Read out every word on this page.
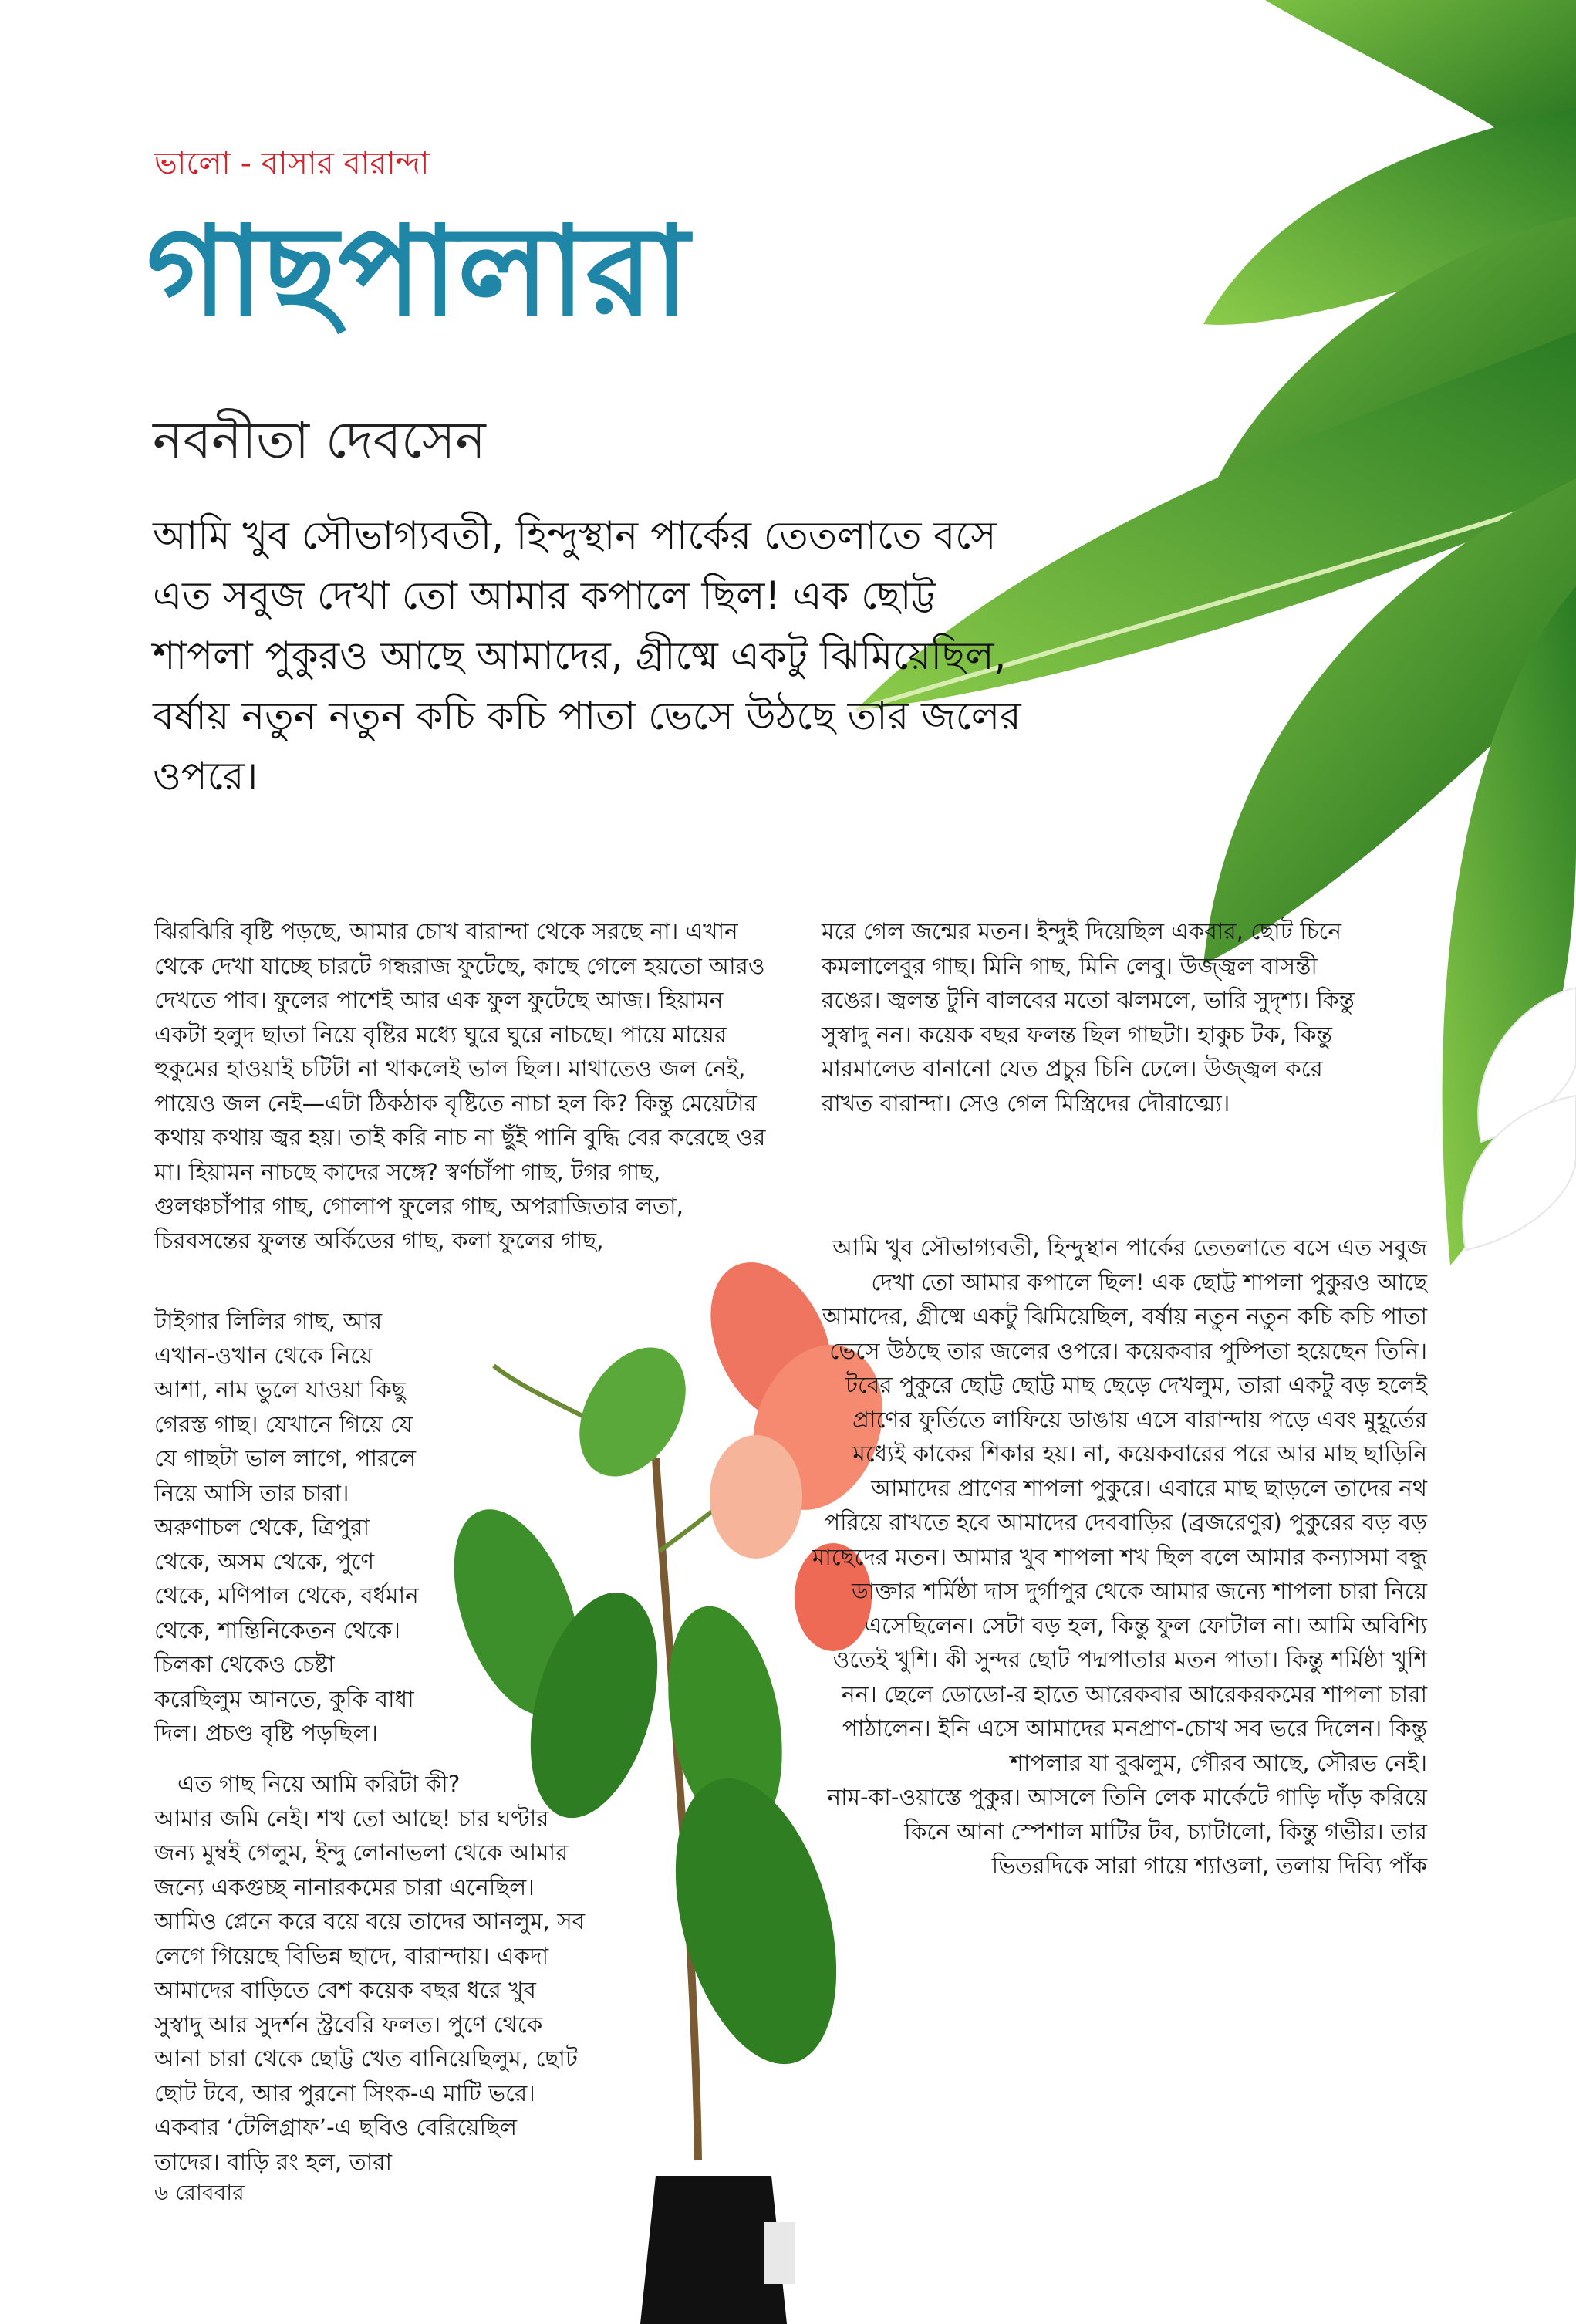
ভালো - বাসার বারান্দা
গাছপালারা
নবনীতা দেবসেন
আমি খুব সৌভাগ্যবতী, হিন্দুস্থান পার্কের তেতলাতে বসে এত সবুজ দেখা তো আমার কপালে ছিল! এক ছোট্ট শাপলা পুকুরও আছে আমাদের, গ্রীষ্মে একটু ঝিমিয়েছিল, বর্ষায় নতুন নতুন কচি কচি পাতা ভেসে উঠছে তার জলের ওপরে।

ঝিরঝিরি বৃষ্টি পড়ছে, আমার চোখ বারান্দা থেকে সরছে না। এখান থেকে দেখা যাচ্ছে চারটে গন্ধরাজ ফুটেছে, কাছে গেলে হয়তো আরও দেখতে পাব। ফুলের পাশেই আর এক ফুল ফুটেছে আজ। হিয়ামন একটা হলুদ ছাতা নিয়ে বৃষ্টির মধ্যে ঘুরে ঘুরে নাচছে। পায়ে মায়ের হুকুমের হাওয়াই চটিটা না থাকলেই ভাল ছিল। মাথাতেও জল নেই, পায়েও জল নেই—এটা ঠিকঠাক বৃষ্টিতে নাচা হল কি? কিন্তু মেয়েটার কথায় কথায় জ্বর হয়। তাই করি নাচ না ছুঁই পানি বুদ্ধি বের করেছে ওর মা। হিয়ামন নাচছে কাদের সঙ্গে? স্বর্ণচাঁপা গাছ, টগর গাছ, গুলঞ্চচাঁপার গাছ, গোলাপ ফুলের গাছ, অপরাজিতার লতা, চিরবসন্তের ফুলন্ত অর্কিডের গাছ, কলা ফুলের গাছ,

টাইগার লিলির গাছ, আর এখান-ওখান থেকে নিয়ে আশা, নাম ভুলে যাওয়া কিছু গেরস্ত গাছ। যেখানে গিয়ে যে যে গাছটা ভাল লাগে, পারলে নিয়ে আসি তার চারা। অরুণাচল থেকে, ত্রিপুরা থেকে, অসম থেকে, পুণে থেকে, মণিপাল থেকে, বর্ধমান থেকে, শান্তিনিকেতন থেকে। চিলকা থেকেও চেষ্টা করেছিলুম আনতে, কুকি বাধা দিল। প্রচণ্ড বৃষ্টি পড়ছিল।

এত গাছ নিয়ে আমি করিটা কী?

আমার জমি নেই। শখ তো আছে! চার ঘণ্টার জন্য মুম্বই গেলুম, ইন্দু লোনাভলা থেকে আমার জন্যে একগুচ্ছ নানারকমের চারা এনেছিল। আমিও প্লেনে করে বয়ে বয়ে তাদের আনলুম, সব লেগে গিয়েছে বিভিন্ন ছাদে, বারান্দায়। একদা আমাদের বাড়িতে বেশ কয়েক বছর ধরে খুব সুস্বাদু আর সুদর্শন স্ট্রবেরি ফলত। পুণে থেকে আনা চারা থেকে ছোট্ট খেত বানিয়েছিলুম, ছোট ছোট টবে, আর পুরনো সিংক-এ মাটি ভরে। একবার ‘টেলিগ্রাফ’-এ ছবিও বেরিয়েছিল তাদের। বাড়ি রং হল, তারা

মরে গেল জন্মের মতন। ইন্দুই দিয়েছিল একবার, ছোট চিনে কমলালেবুর গাছ। মিনি গাছ, মিনি লেবু। উজ্জ্বল বাসন্তী রঙের। জ্বলন্ত টুনি বালবের মতো ঝলমলে, ভারি সুদৃশ্য। কিন্তু সুস্বাদু নন। কয়েক বছর ফলন্ত ছিল গাছটা। হাকুচ টক, কিন্তু মারমালেড বানানো যেত প্রচুর চিনি ঢেলে। উজ্জ্বল করে রাখত বারান্দা। সেও গেল মিস্ত্রিদের দৌরাত্ম্যে।

আমি খুব সৌভাগ্যবতী, হিন্দুস্থান পার্কের তেতলাতে বসে এত সবুজ দেখা তো আমার কপালে ছিল! এক ছোট্ট শাপলা পুকুরও আছে আমাদের, গ্রীষ্মে একটু ঝিমিয়েছিল, বর্ষায় নতুন নতুন কচি কচি পাতা ভেসে উঠছে তার জলের ওপরে। কয়েকবার পুষ্পিতা হয়েছেন তিনি। টবের পুকুরে ছোট্ট ছোট্ট মাছ ছেড়ে দেখলুম, তারা একটু বড় হলেই প্রাণের ফুর্তিতে লাফিয়ে ডাঙায় এসে বারান্দায় পড়ে এবং মুহূর্তের মধ্যেই কাকের শিকার হয়। না, কয়েকবারের পরে আর মাছ ছাড়িনি আমাদের প্রাণের শাপলা পুকুরে। এবারে মাছ ছাড়লে তাদের নথ পরিয়ে রাখতে হবে আমাদের দেববাড়ির (ব্রজরেণুর) পুকুরের বড় বড় মাছেদের মতন। আমার খুব শাপলা শখ ছিল বলে আমার কন্যাসমা বন্ধু ডাক্তার শর্মিষ্ঠা দাস দুর্গাপুর থেকে আমার জন্যে শাপলা চারা নিয়ে এসেছিলেন। সেটা বড় হল, কিন্তু ফুল ফোটাল না। আমি অবিশ্যি ওতেই খুশি। কী সুন্দর ছোট পদ্মপাতার মতন পাতা। কিন্তু শর্মিষ্ঠা খুশি নন। ছেলে ডোডো-র হাতে আরেকবার আরেকরকমের শাপলা চারা পাঠালেন। ইনি এসে আমাদের মনপ্রাণ-চোখ সব ভরে দিলেন। কিন্তু শাপলার যা বুঝলুম, গৌরব আছে, সৌরভ নেই।

নাম-কা-ওয়াস্তে পুকুর। আসলে তিনি লেক মার্কেটে গাড়ি দাঁড় করিয়ে কিনে আনা স্পেশাল মাটির টব, চ্যাটালো, কিন্তু গভীর। তার ভিতরদিকে সারা গায়ে শ্যাওলা, তলায় দিব্যি পাঁক

৬ রোববার
